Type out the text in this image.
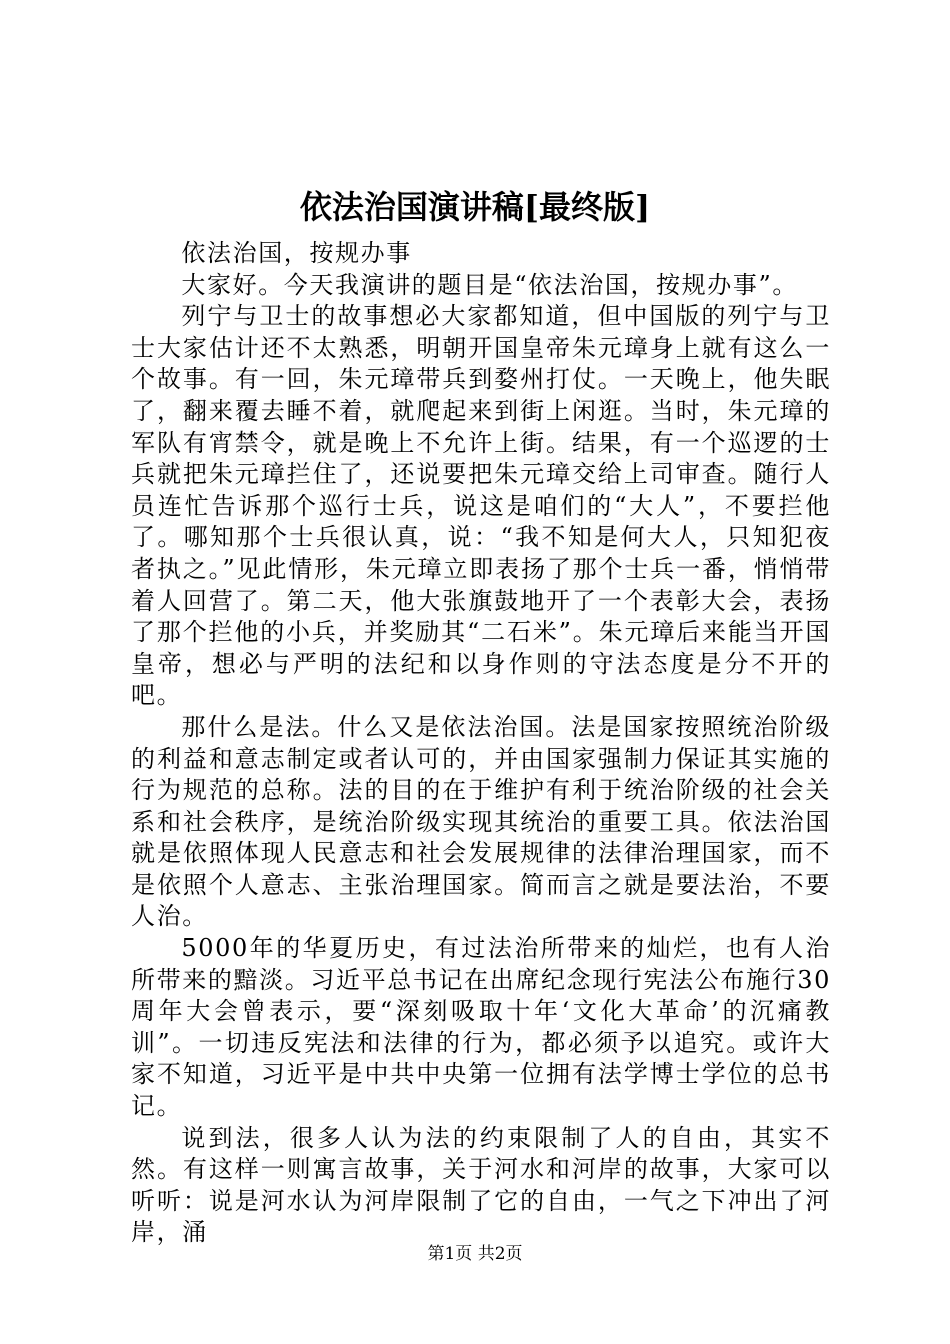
依法治国演讲稿[最终版]

依法治国，按规办事

大家好。今天我演讲的题目是“依法治国，按规办事”。

列宁与卫士的故事想必大家都知道，但中国版的列宁与卫士大家估计还不太熟悉，明朝开国皇帝朱元璋身上就有这么一个故事。有一回，朱元璋带兵到婺州打仗。一天晚上，他失眠了，翻来覆去睡不着，就爬起来到街上闲逛。当时，朱元璋的军队有宵禁令，就是晚上不允许上街。结果，有一个巡逻的士兵就把朱元璋拦住了，还说要把朱元璋交给上司审查。随行人员连忙告诉那个巡行士兵，说这是咱们的“大人”，不要拦他了。哪知那个士兵很认真，说：“我不知是何大人，只知犯夜者执之。”见此情形，朱元璋立即表扬了那个士兵一番，悄悄带着人回营了。第二天，他大张旗鼓地开了一个表彰大会，表扬了那个拦他的小兵，并奖励其“二石米”。朱元璋后来能当开国皇帝，想必与严明的法纪和以身作则的守法态度是分不开的吧。

那什么是法。什么又是依法治国。法是国家按照统治阶级的利益和意志制定或者认可的，并由国家强制力保证其实施的行为规范的总称。法的目的在于维护有利于统治阶级的社会关系和社会秩序，是统治阶级实现其统治的重要工具。依法治国就是依照体现人民意志和社会发展规律的法律治理国家，而不是依照个人意志、主张治理国家。简而言之就是要法治，不要人治。

5000年的华夏历史，有过法治所带来的灿烂，也有人治所带来的黯淡。习近平总书记在出席纪念现行宪法公布施行30周年大会曾表示，要“深刻吸取十年‘文化大革命’的沉痛教训”。一切违反宪法和法律的行为，都必须予以追究。或许大家不知道，习近平是中共中央第一位拥有法学博士学位的总书记。

说到法，很多人认为法的约束限制了人的自由，其实不然。有这样一则寓言故事，关于河水和河岸的故事，大家可以听听：说是河水认为河岸限制了它的自由，一气之下冲出了河岸，涌

第1页 共2页
